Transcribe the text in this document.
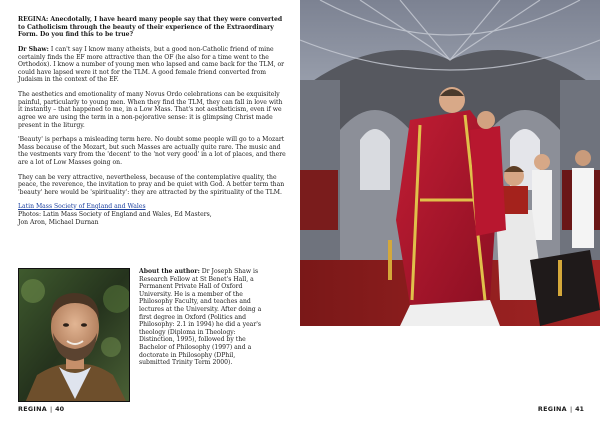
REGINA: Anecdotally, I have heard many people say that they were converted to Catholicism through the beauty of their experience of the Extraordinary Form. Do you find this to be true?

Dr Shaw: I can't say I know many atheists, but a good non-Catholic friend of mine certainly finds the EF more attractive than the OF (he also for a time went to the Orthodox). I know a number of young men who lapsed and came back for the TLM, or could have lapsed were it not for the TLM. A good female friend converted from Judaism in the context of the EF.

The aesthetics and emotionality of many Novus Ordo celebrations can be exquisitely painful, particularly to young men. When they find the TLM, they can fall in love with it instantly – that happened to me, in a Low Mass. That's not aestheticism, even if we agree we are using the term in a non-pejorative sense: it is glimpsing Christ made present in the liturgy.

'Beauty' is perhaps a misleading term here. No doubt some people will go to a Mozart Mass because of the Mozart, but such Masses are actually quite rare. The music and the vestments vary from the 'decent' to the 'not very good' in a lot of places, and there are a lot of Low Masses going on.

They can be very attractive, nevertheless, because of the contemplative quality, the peace, the reverence, the invitation to pray and be quiet with God. A better term than 'beauty' here would be 'spirituality': they are attracted by the spirituality of the TLM.

Latin Mass Society of England and Wales
Photos: Latin Mass Society of England and Wales, Ed Masters,
Jon Aron, Michael Durnan
About the author: Dr Joseph Shaw is Research Fellow at St Benet's Hall, a Permanent Private Hall of Oxford University. He is a member of the Philosophy Faculty, and teaches and lectures at the University. After doing a first degree in Oxford (Politics and Philosophy: 2.1 in 1994) he did a year's theology (Diploma in Theology: Distinction, 1995), followed by the Bachelor of Philosophy (1997) and a doctorate in Philosophy (DPhil, submitted Trinity Term 2000).
REGINA | 40	REGINA | 41
